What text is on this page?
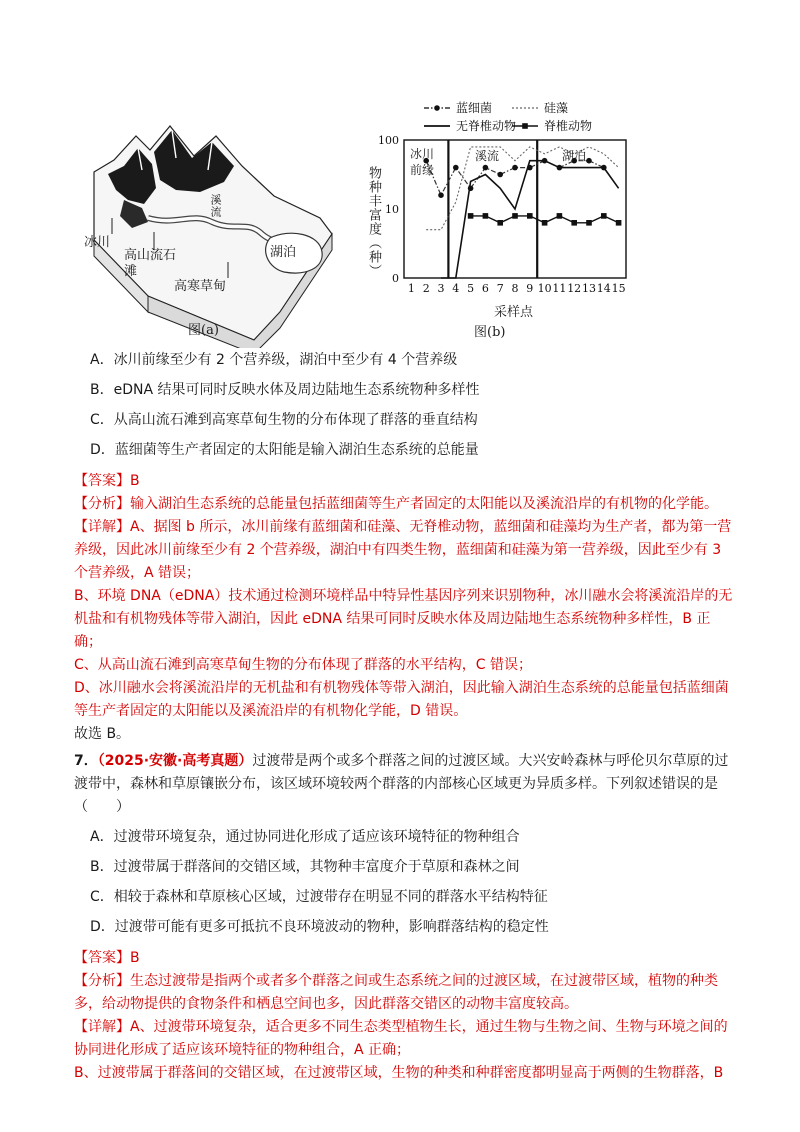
冰川
高山流石滩
高寒草甸
溪流
湖泊
图(a)
蓝细菌	硅藻
无脊椎动物 脊椎动物
0
10
100
1 2 3 4 5 6 7 8 9 10 11 12 13 14 15
物种丰富度（种）
冰川前缘
溪流	湖泊
采样点
图(b)
A．冰川前缘至少有 2 个营养级，湖泊中至少有 4 个营养级
B．eDNA 结果可同时反映水体及周边陆地生态系统物种多样性
C．从高山流石滩到高寒草甸生物的分布体现了群落的垂直结构
D．蓝细菌等生产者固定的太阳能是输入湖泊生态系统的总能量

【答案】B

【分析】输入湖泊生态系统的总能量包括蓝细菌等生产者固定的太阳能以及溪流沿岸的有机物的化学能。

【详解】A、据图 b 所示，冰川前缘有蓝细菌和硅藻、无脊椎动物，蓝细菌和硅藻均为生产者，都为第一营养级，因此冰川前缘至少有 2 个营养级，湖泊中有四类生物，蓝细菌和硅藻为第一营养级，因此至少有 3 个营养级，A 错误；

B、环境 DNA（eDNA）技术通过检测环境样品中特异性基因序列来识别物种，冰川融水会将溪流沿岸的无机盐和有机物残体等带入湖泊，因此 eDNA 结果可同时反映水体及周边陆地生态系统物种多样性，B 正确；

C、从高山流石滩到高寒草甸生物的分布体现了群落的水平结构，C 错误；

D、冰川融水会将溪流沿岸的无机盐和有机物残体等带入湖泊，因此输入湖泊生态系统的总能量包括蓝细菌等生产者固定的太阳能以及溪流沿岸的有机物化学能，D 错误。

故选 B。

7．（2025·安徽·高考真题）过渡带是两个或多个群落之间的过渡区域。大兴安岭森林与呼伦贝尔草原的过渡带中，森林和草原镶嵌分布，该区域环境较两个群落的内部核心区域更为异质多样。下列叙述错误的是（　　）

A．过渡带环境复杂，通过协同进化形成了适应该环境特征的物种组合
B．过渡带属于群落间的交错区域，其物种丰富度介于草原和森林之间
C．相较于森林和草原核心区域，过渡带存在明显不同的群落水平结构特征
D．过渡带可能有更多可抵抗不良环境波动的物种，影响群落结构的稳定性

【答案】B

【分析】生态过渡带是指两个或者多个群落之间或生态系统之间的过渡区域，在过渡带区域，植物的种类多，给动物提供的食物条件和栖息空间也多，因此群落交错区的动物丰富度较高。

【详解】A、过渡带环境复杂，适合更多不同生态类型植物生长，通过生物与生物之间、生物与环境之间的协同进化形成了适应该环境特征的物种组合，A 正确；

B、过渡带属于群落间的交错区域，在过渡带区域，生物的种类和种群密度都明显高于两侧的生物群落，B
